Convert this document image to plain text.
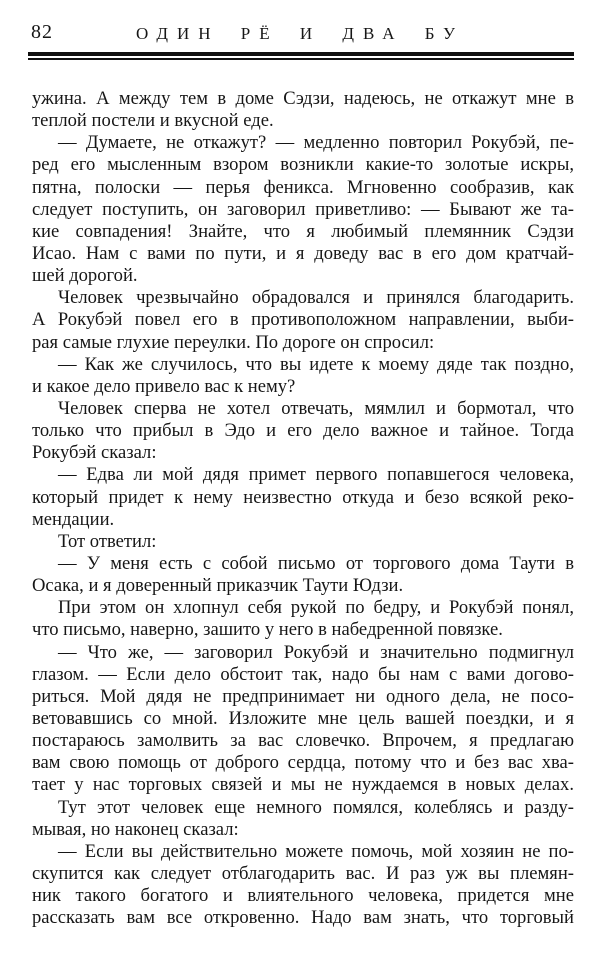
82	ОДИН РЁ И ДВА БУ
ужина. А между тем в доме Сэдзи, надеюсь, не откажут мне в
теплой постели и вкусной еде.
— Думаете, не откажут? — медленно повторил Рокубэй, пе-
ред его мысленным взором возникли какие-то золотые искры,
пятна, полоски — перья феникса. Мгновенно сообразив, как
следует поступить, он заговорил приветливо: — Бывают же та-
кие совпадения! Знайте, что я любимый племянник Сэдзи
Исао. Нам с вами по пути, и я доведу вас в его дом кратчай-
шей дорогой.
Человек чрезвычайно обрадовался и принялся благодарить.
А Рокубэй повел его в противоположном направлении, выби-
рая самые глухие переулки. По дороге он спросил:
— Как же случилось, что вы идете к моему дяде так поздно,
и какое дело привело вас к нему?
Человек сперва не хотел отвечать, мямлил и бормотал, что
только что прибыл в Эдо и его дело важное и тайное. Тогда
Рокубэй сказал:
— Едва ли мой дядя примет первого попавшегося человека,
который придет к нему неизвестно откуда и безо всякой реко-
мендации.
Тот ответил:
— У меня есть с собой письмо от торгового дома Таути в
Осака, и я доверенный приказчик Таути Юдзи.
При этом он хлопнул себя рукой по бедру, и Рокубэй понял,
что письмо, наверно, зашито у него в набедренной повязке.
— Что же, — заговорил Рокубэй и значительно подмигнул
глазом. — Если дело обстоит так, надо бы нам с вами догово-
риться. Мой дядя не предпринимает ни одного дела, не посо-
ветовавшись со мной. Изложите мне цель вашей поездки, и я
постараюсь замолвить за вас словечко. Впрочем, я предлагаю
вам свою помощь от доброго сердца, потому что и без вас хва-
тает у нас торговых связей и мы не нуждаемся в новых делах.
Тут этот человек еще немного помялся, колеблясь и разду-
мывая, но наконец сказал:
— Если вы действительно можете помочь, мой хозяин не по-
скупится как следует отблагодарить вас. И раз уж вы племян-
ник такого богатого и влиятельного человека, придется мне
рассказать вам все откровенно. Надо вам знать, что торговый
